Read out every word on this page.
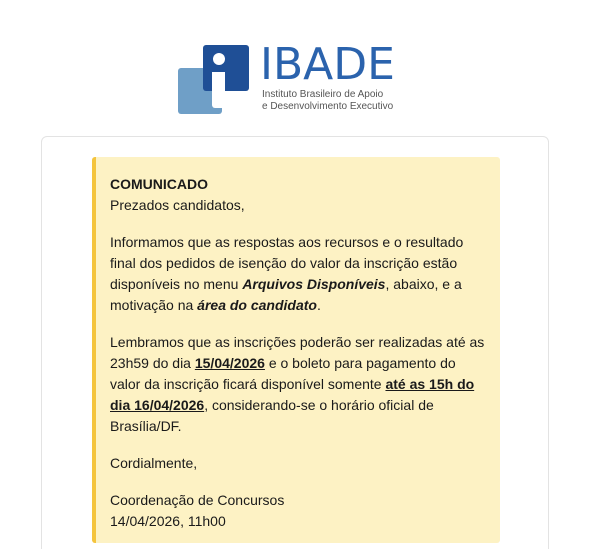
IBADE
Instituto Brasileiro de Apoio
e Desenvolvimento Executivo

COMUNICADO

Prezados candidatos,

Informamos que as respostas aos recursos e o resultado final dos pedidos de isenção do valor da inscrição estão disponíveis no menu Arquivos Disponíveis, abaixo, e a motivação na área do candidato.

Lembramos que as inscrições poderão ser realizadas até as 23h59 do dia 15/04/2026 e o boleto para pagamento do valor da inscrição ficará disponível somente até as 15h do dia 16/04/2026, considerando-se o horário oficial de Brasília/DF.

Cordialmente,

Coordenação de Concursos

14/04/2026, 11h00
